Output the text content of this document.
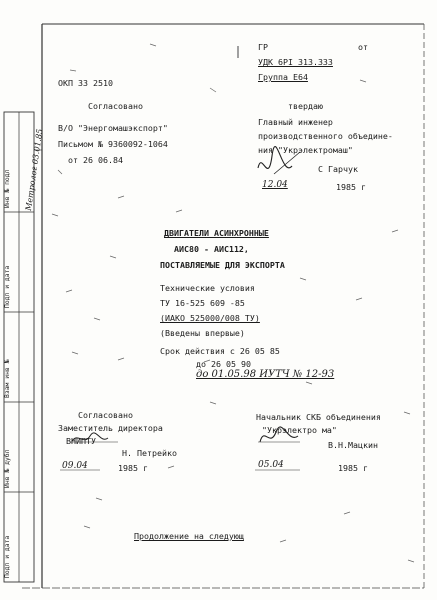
Инв № подл
Подп и дата
Взам инв №
Инв № дубл
Подп и дата
Метролог 03.01.85
ГР	от
УДК 6РI 313.333
Группа Е64
твердаю
Главный инженер
производственного объедине-
ния "Укрэлектромаш"
С Гарчук
12.04	1985 г
ОКП 33 2510
Согласовано
В/О "Энергомашэкспорт"
Письмом № 9360092-1064
от 26 06.84
ДВИГАТЕЛИ АСИНХРОННЫЕ
АИС80 - АИС112,
ПОСТАВЛЯЕМЫЕ ДЛЯ ЭКСПОРТА
Технические условия
ТУ 16-525 609 -85
(ИАКО 525000/008 ТУ)
(Введены впервые)
Срок действия с 26 05 85
до 26 05 90
до 01.05.98 ИУТЧ № 12-93
Согласовано
Заместитель директора
ВНИПТУ
Н. Петрейко
09.04	1985 г
Начальник СКБ объединения
"Укрэлектро ма"
В.Н.Мацкин
05.04	1985 г
Продолжение на следующ
